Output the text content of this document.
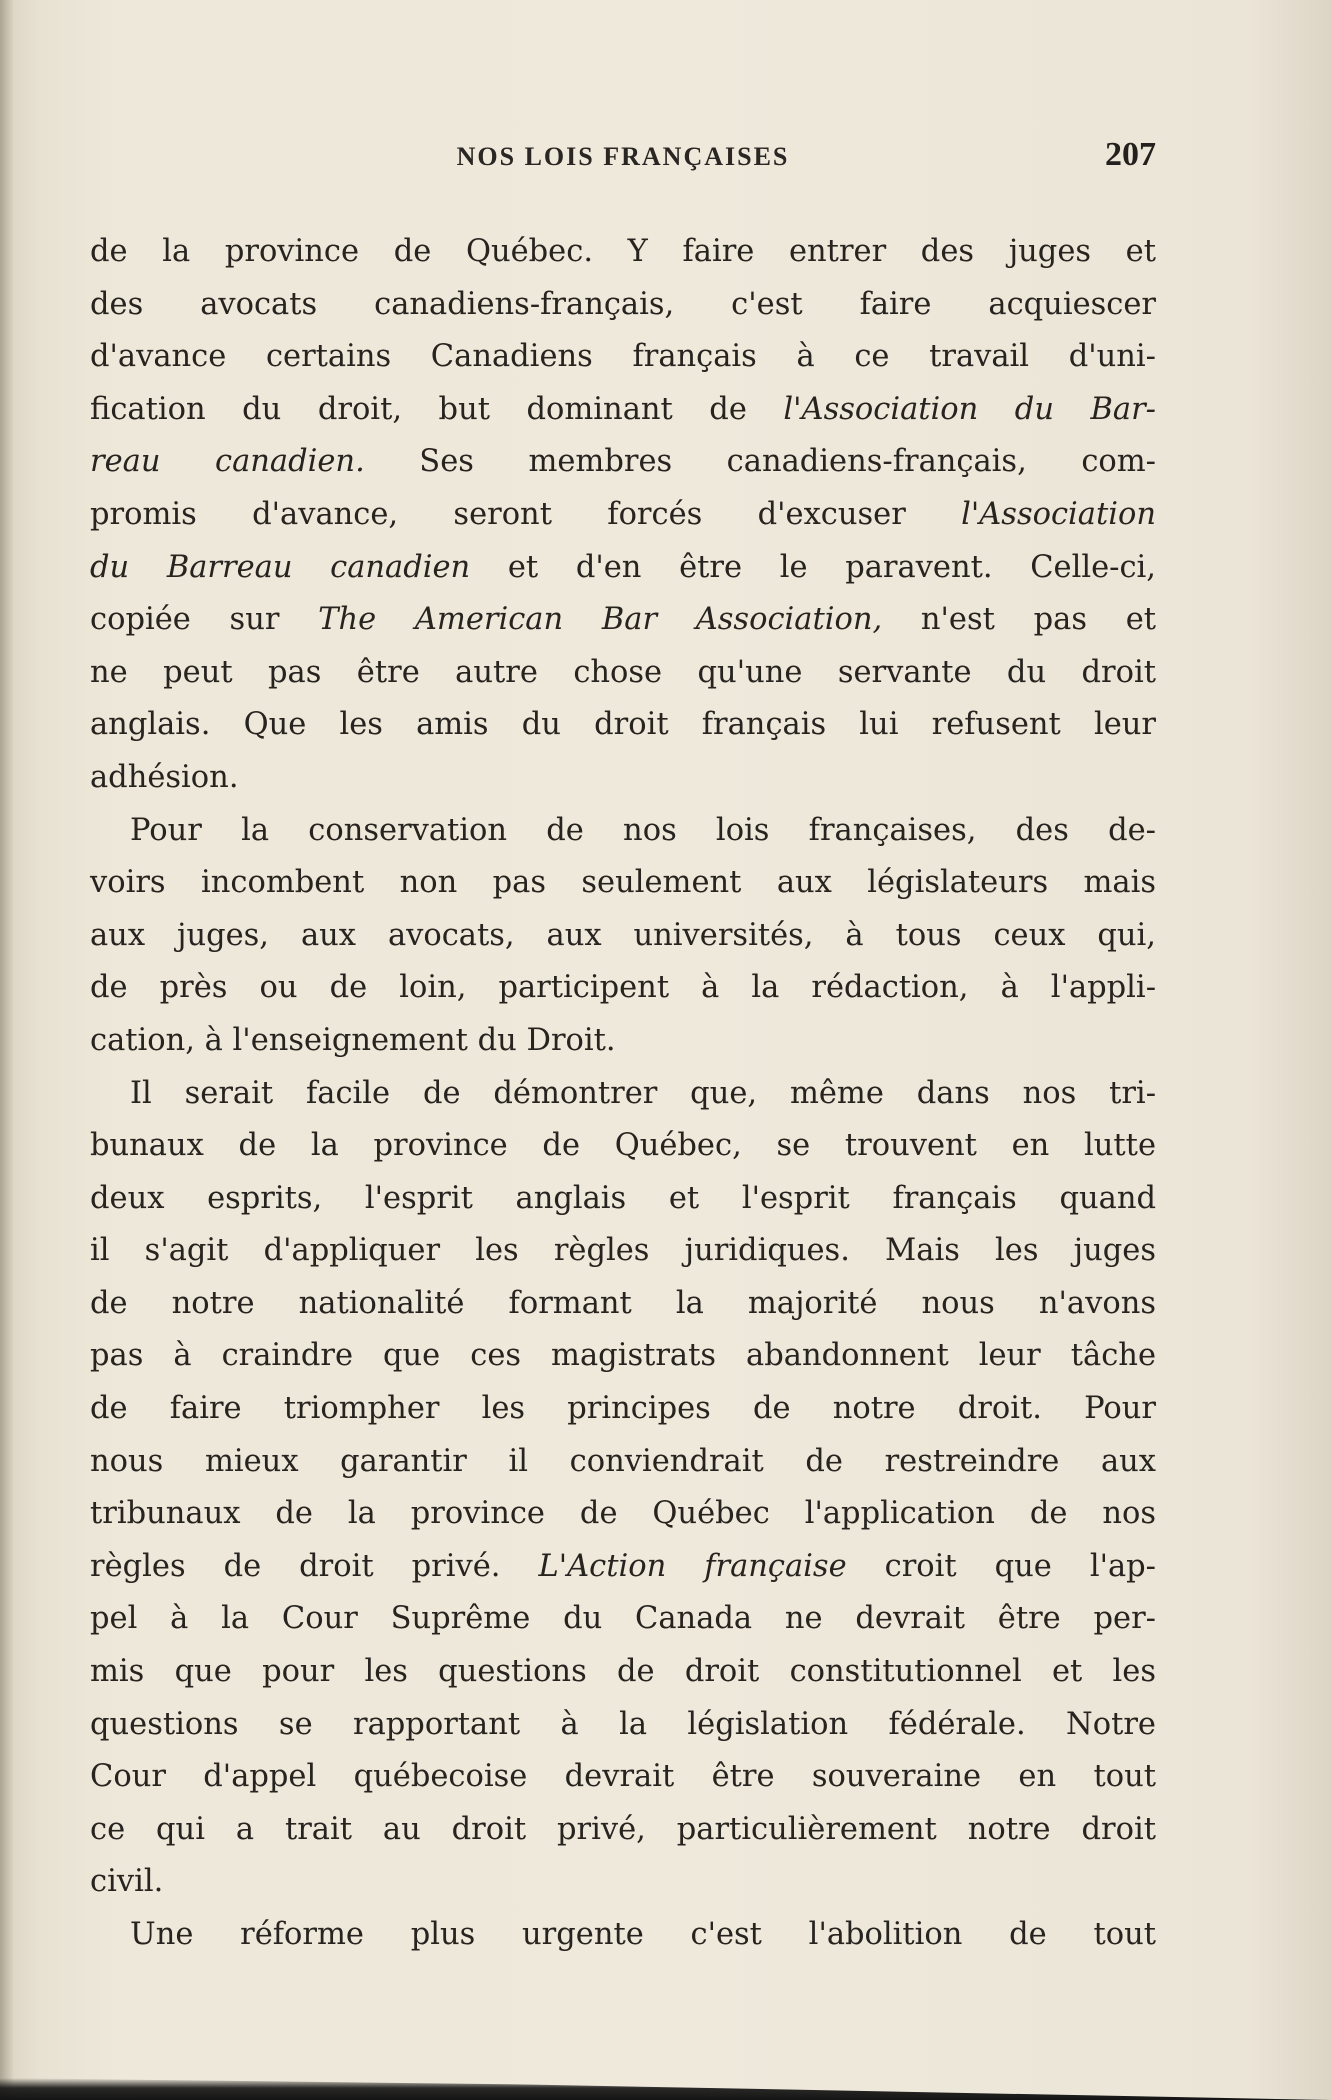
NOS LOIS FRANÇAISES	207
de la province de Québec. Y faire entrer des juges et
des avocats canadiens-français, c'est faire acquiescer
d'avance certains Canadiens français à ce travail d'uni-
fication du droit, but dominant de l'Association du Bar-
reau canadien. Ses membres canadiens-français, com-
promis d'avance, seront forcés d'excuser l'Association
du Barreau canadien et d'en être le paravent. Celle-ci,
copiée sur The American Bar Association, n'est pas et
ne peut pas être autre chose qu'une servante du droit
anglais. Que les amis du droit français lui refusent leur
adhésion.
Pour la conservation de nos lois françaises, des de-
voirs incombent non pas seulement aux législateurs mais
aux juges, aux avocats, aux universités, à tous ceux qui,
de près ou de loin, participent à la rédaction, à l'appli-
cation, à l'enseignement du Droit.
Il serait facile de démontrer que, même dans nos tri-
bunaux de la province de Québec, se trouvent en lutte
deux esprits, l'esprit anglais et l'esprit français quand
il s'agit d'appliquer les règles juridiques. Mais les juges
de notre nationalité formant la majorité nous n'avons
pas à craindre que ces magistrats abandonnent leur tâche
de faire triompher les principes de notre droit. Pour
nous mieux garantir il conviendrait de restreindre aux
tribunaux de la province de Québec l'application de nos
règles de droit privé. L'Action française croit que l'ap-
pel à la Cour Suprême du Canada ne devrait être per-
mis que pour les questions de droit constitutionnel et les
questions se rapportant à la législation fédérale. Notre
Cour d'appel québecoise devrait être souveraine en tout
ce qui a trait au droit privé, particulièrement notre droit
civil.
Une réforme plus urgente c'est l'abolition de tout
